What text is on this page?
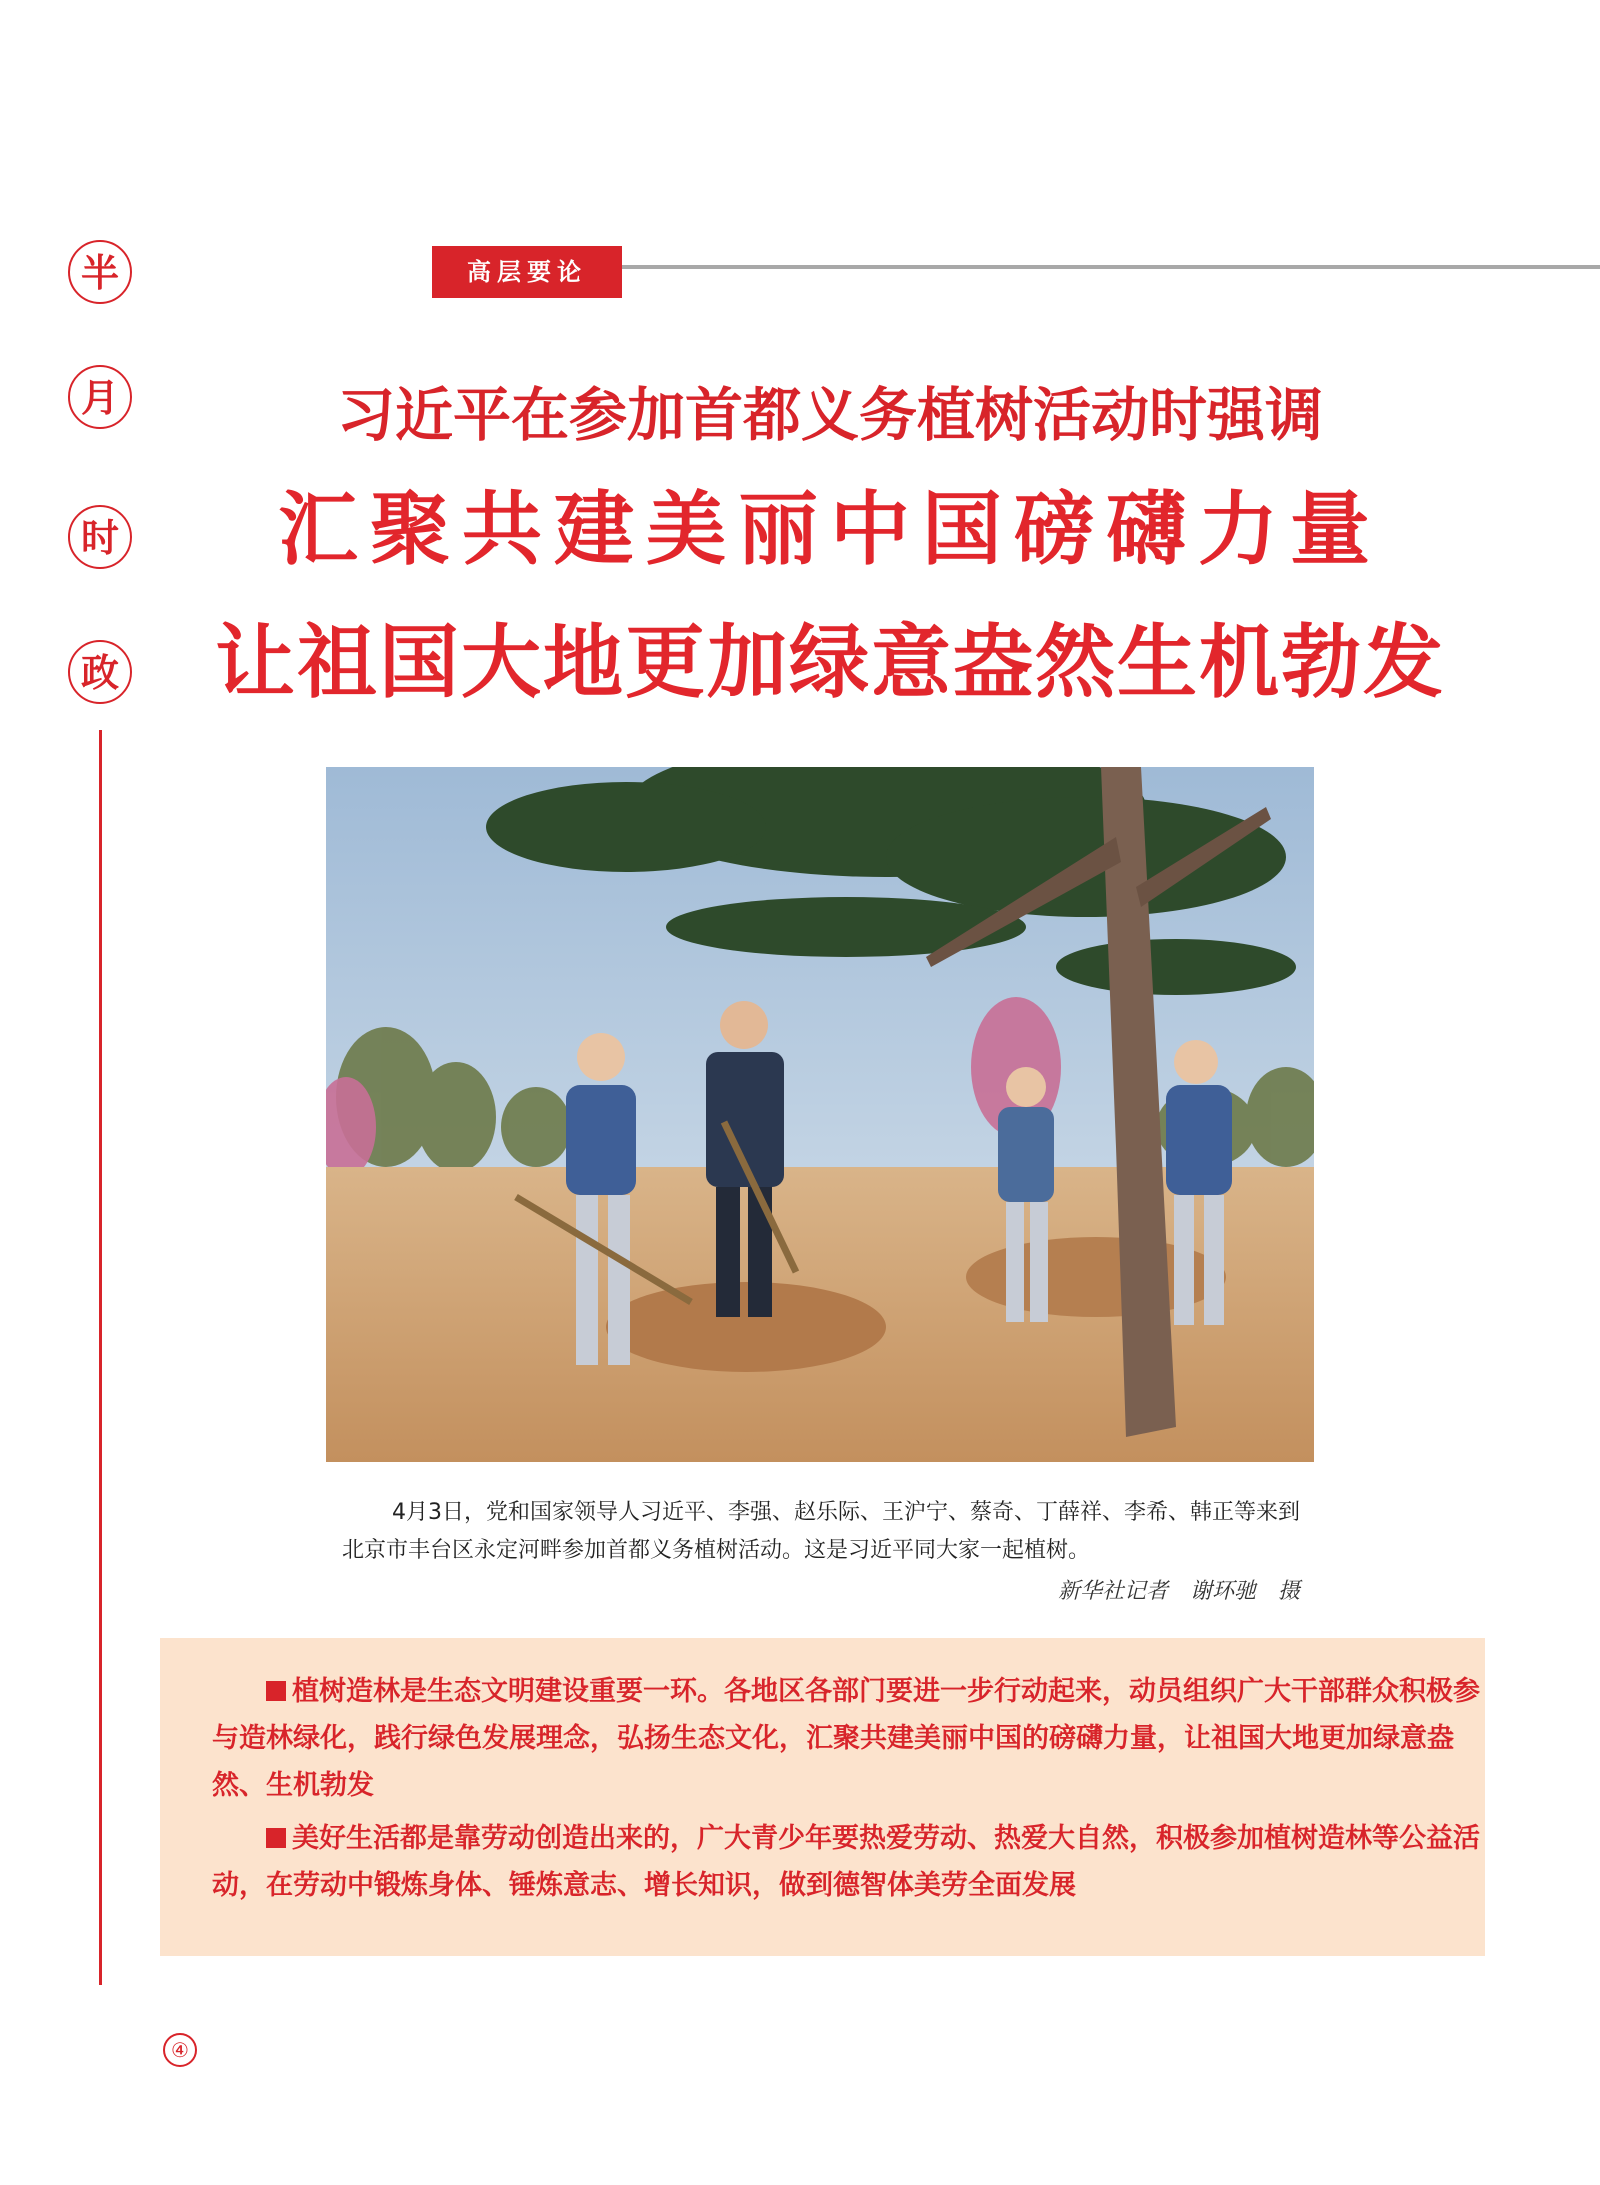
半
月
时
政
高层要论
习近平在参加首都义务植树活动时强调
汇聚共建美丽中国磅礴力量
让祖国大地更加绿意盎然生机勃发
4月3日，党和国家领导人习近平、李强、赵乐际、王沪宁、蔡奇、丁薛祥、李希、韩正等来到
北京市丰台区永定河畔参加首都义务植树活动。这是习近平同大家一起植树。
新华社记者　谢环驰　摄

植树造林是生态文明建设重要一环。各地区各部门要进一步行动起来，动员组织广大干部群众积极参与造林绿化，践行绿色发展理念，弘扬生态文化，汇聚共建美丽中国的磅礴力量，让祖国大地更加绿意盎然、生机勃发

美好生活都是靠劳动创造出来的，广大青少年要热爱劳动、热爱大自然，积极参加植树造林等公益活动，在劳动中锻炼身体、锤炼意志、增长知识，做到德智体美劳全面发展

④
